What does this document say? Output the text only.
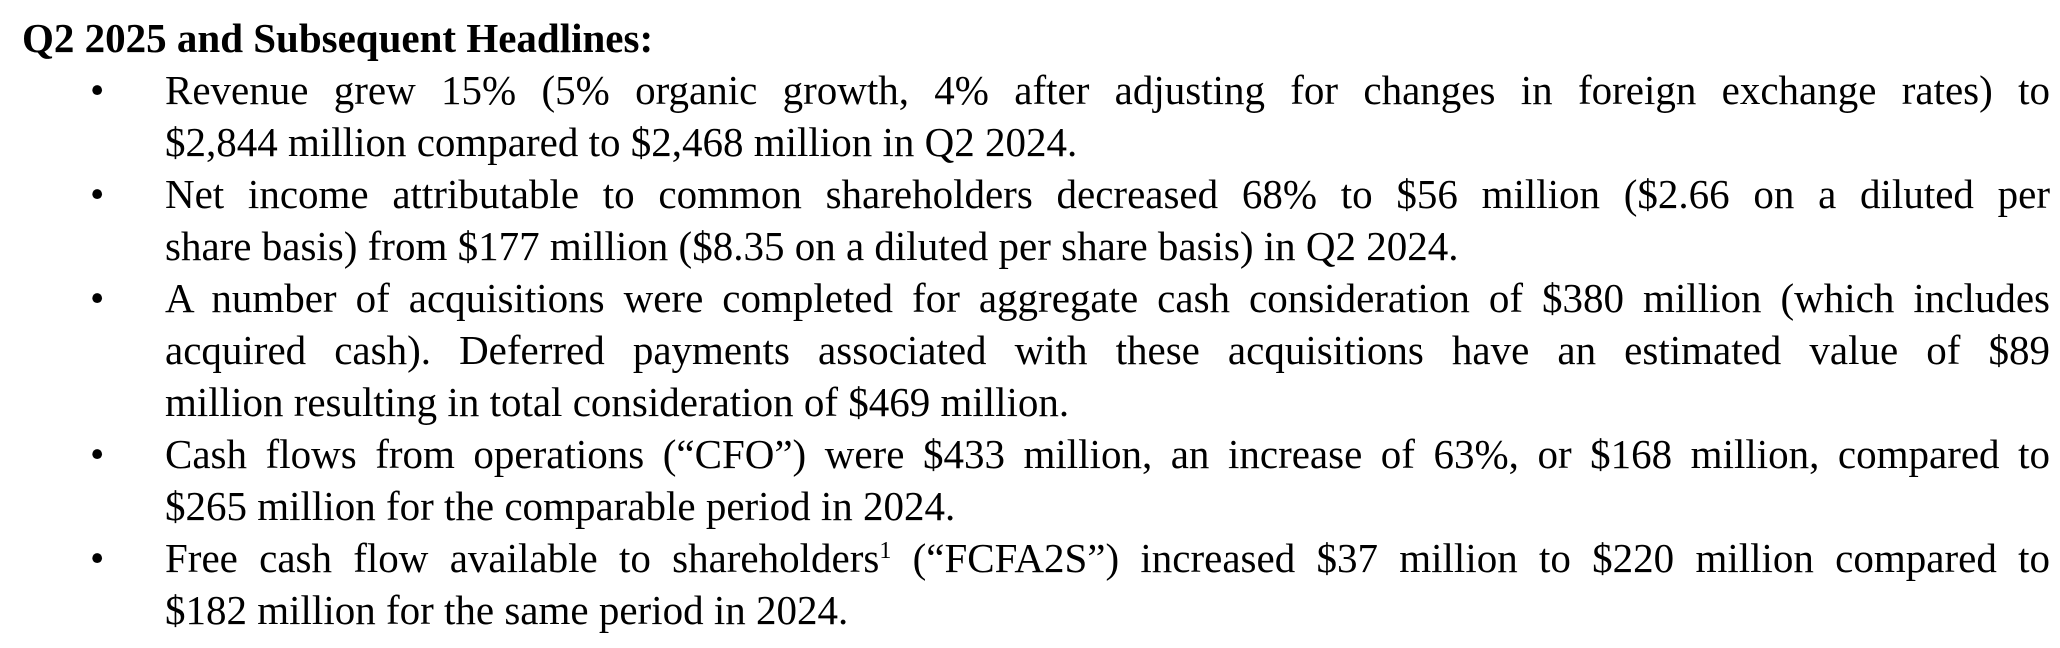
Q2 2025 and Subsequent Headlines:

•	Revenue grew 15% (5% organic growth, 4% after adjusting for changes in foreign exchange rates) to
$2,844 million compared to $2,468 million in Q2 2024.
•	Net income attributable to common shareholders decreased 68% to $56 million ($2.66 on a diluted per
share basis) from $177 million ($8.35 on a diluted per share basis) in Q2 2024.
•	A number of acquisitions were completed for aggregate cash consideration of $380 million (which includes
acquired cash). Deferred payments associated with these acquisitions have an estimated value of $89
million resulting in total consideration of $469 million.
•	Cash flows from operations (“CFO”) were $433 million, an increase of 63%, or $168 million, compared to
$265 million for the comparable period in 2024.
•	Free cash flow available to shareholders$^1$ (“FCFA2S”) increased $37 million to $220 million compared to
$182 million for the same period in 2024.
